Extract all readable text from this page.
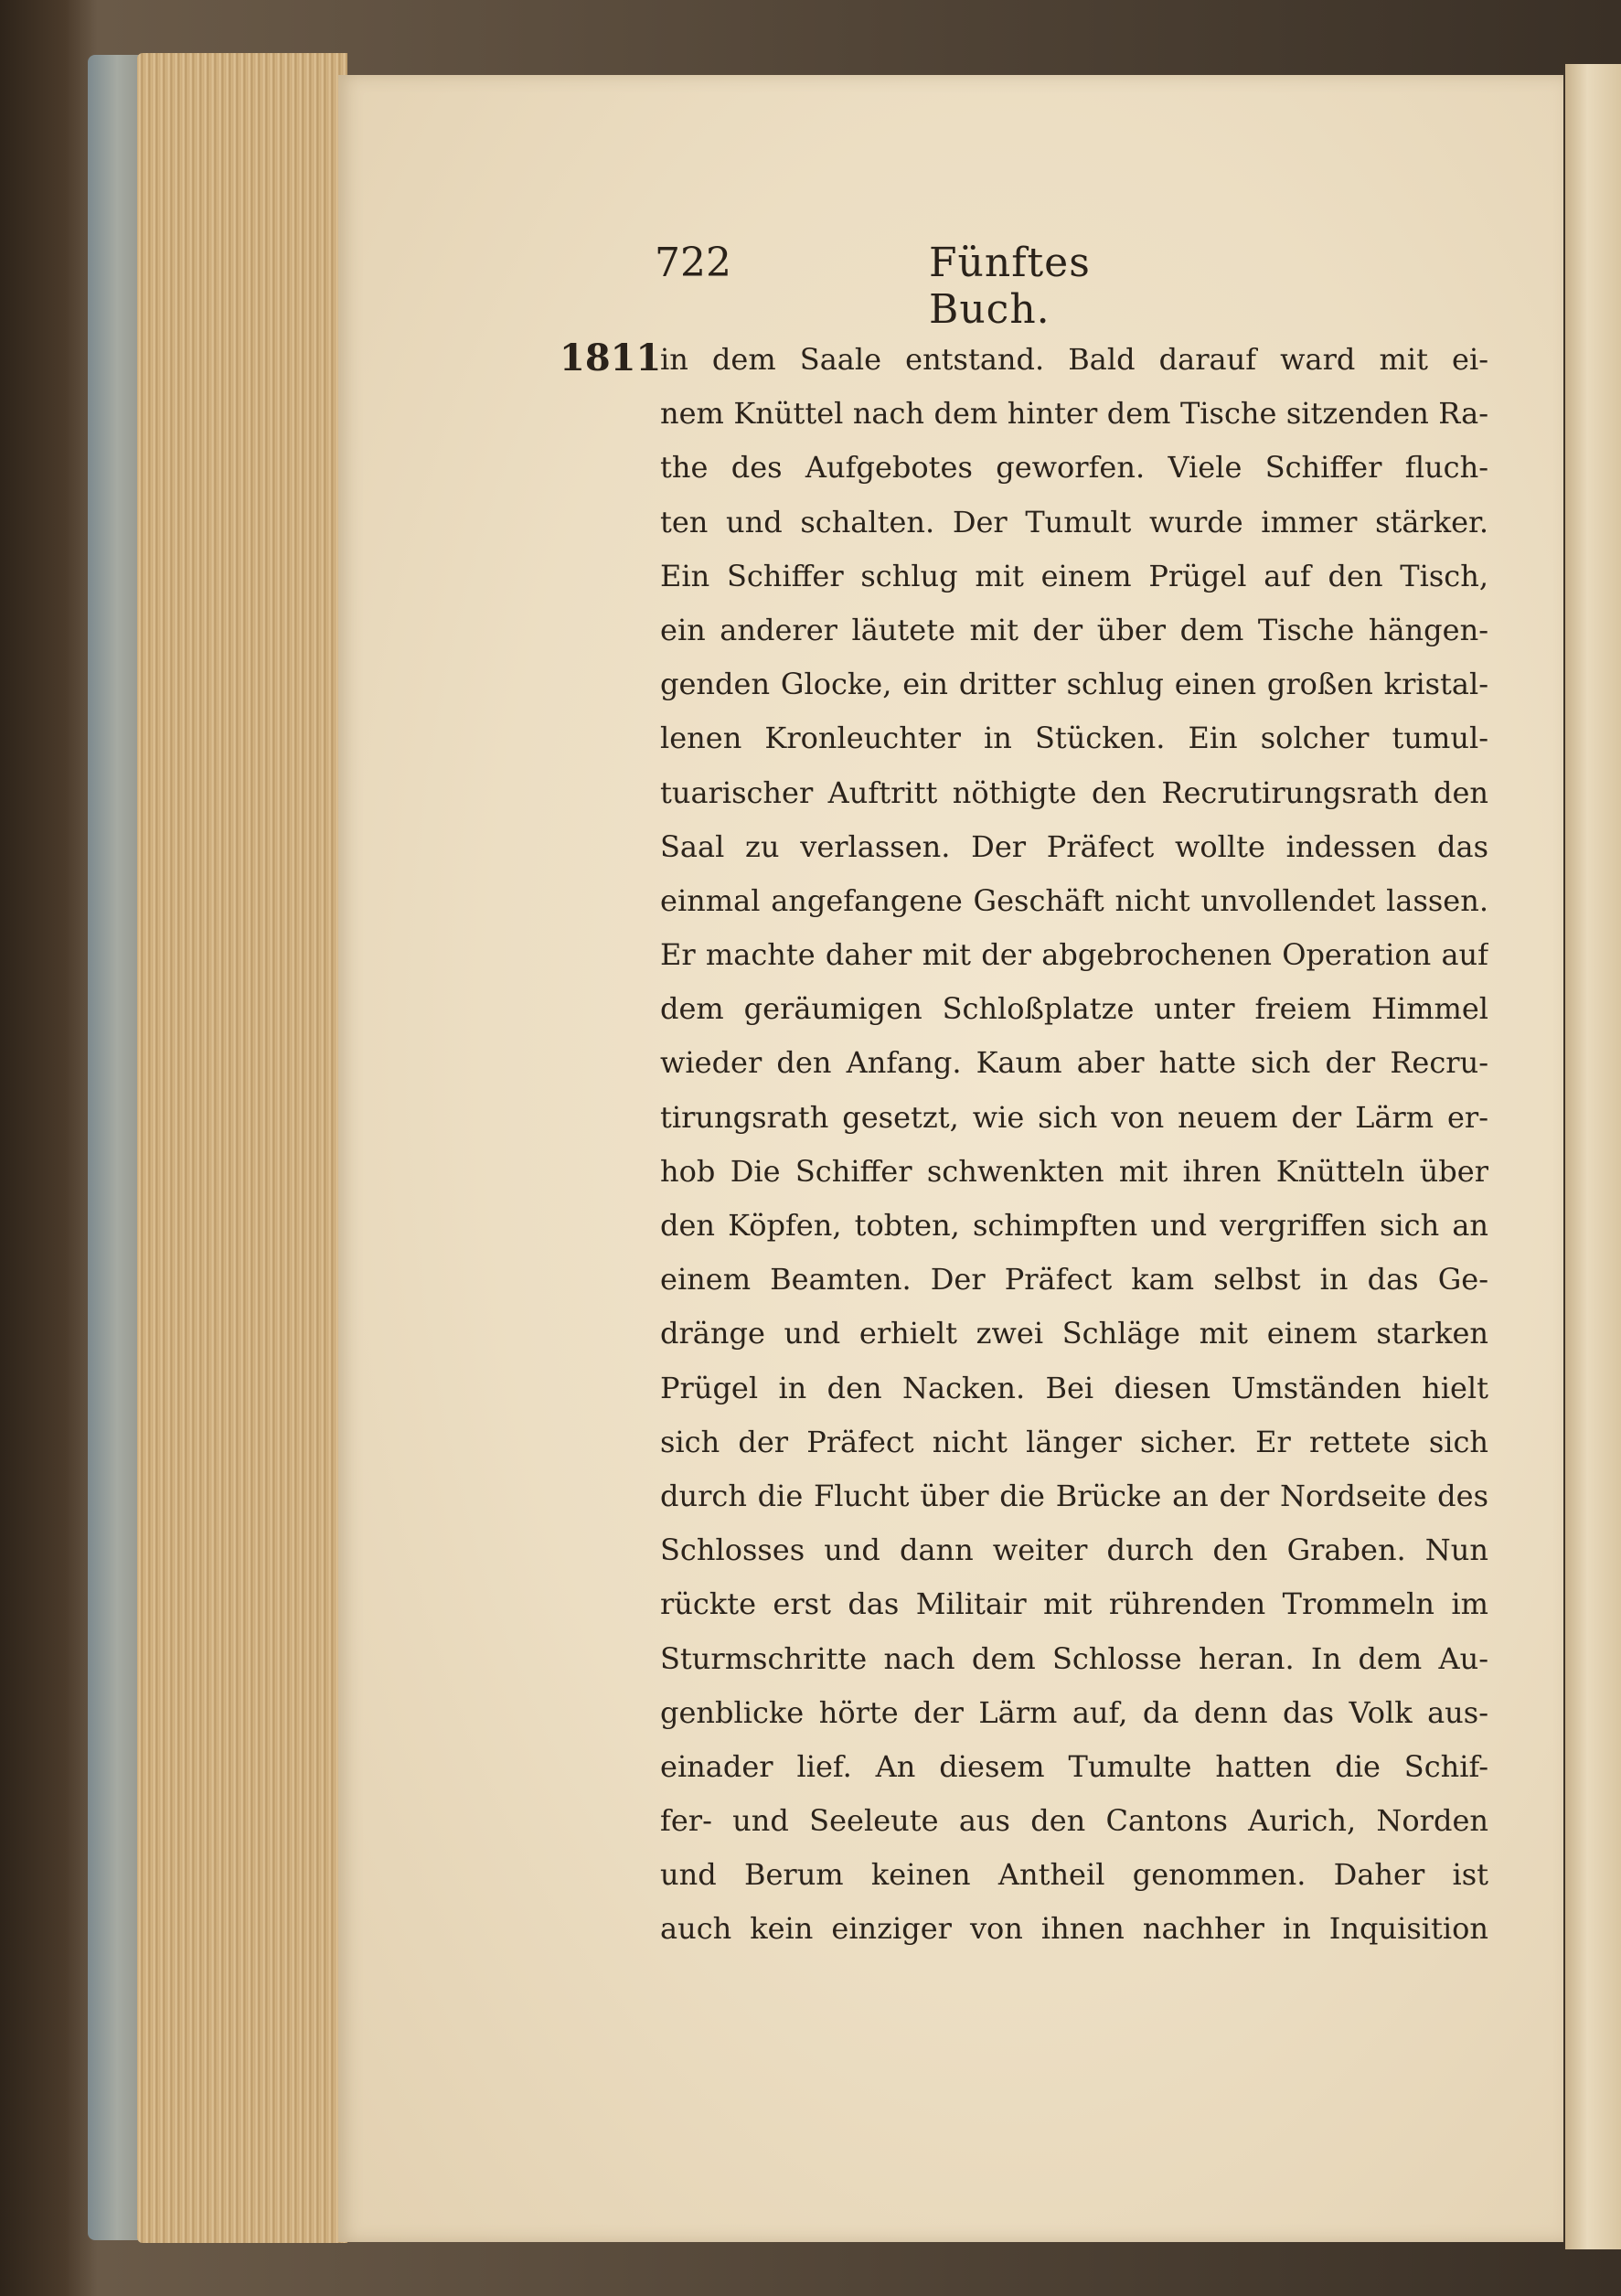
722	Fünftes Buch.
1811
in dem Saale entstand. Bald darauf ward mit ei-
nem Knüttel nach dem hinter dem Tische sitzenden Ra-
the des Aufgebotes geworfen. Viele Schiffer fluch-
ten und schalten. Der Tumult wurde immer stärker.
Ein Schiffer schlug mit einem Prügel auf den Tisch,
ein anderer läutete mit der über dem Tische hängen-
genden Glocke, ein dritter schlug einen großen kristal-
lenen Kronleuchter in Stücken. Ein solcher tumul-
tuarischer Auftritt nöthigte den Recrutirungsrath den
Saal zu verlassen. Der Präfect wollte indessen das
einmal angefangene Geschäft nicht unvollendet lassen.
Er machte daher mit der abgebrochenen Operation auf
dem geräumigen Schloßplatze unter freiem Himmel
wieder den Anfang. Kaum aber hatte sich der Recru-
tirungsrath gesetzt, wie sich von neuem der Lärm er-
hob Die Schiffer schwenkten mit ihren Knütteln über
den Köpfen, tobten, schimpften und vergriffen sich an
einem Beamten. Der Präfect kam selbst in das Ge-
dränge und erhielt zwei Schläge mit einem starken
Prügel in den Nacken. Bei diesen Umständen hielt
sich der Präfect nicht länger sicher. Er rettete sich
durch die Flucht über die Brücke an der Nordseite des
Schlosses und dann weiter durch den Graben. Nun
rückte erst das Militair mit rührenden Trommeln im
Sturmschritte nach dem Schlosse heran. In dem Au-
genblicke hörte der Lärm auf, da denn das Volk aus-
einader lief. An diesem Tumulte hatten die Schif-
fer- und Seeleute aus den Cantons Aurich, Norden
und Berum keinen Antheil genommen. Daher ist
auch kein einziger von ihnen nachher in Inquisition
